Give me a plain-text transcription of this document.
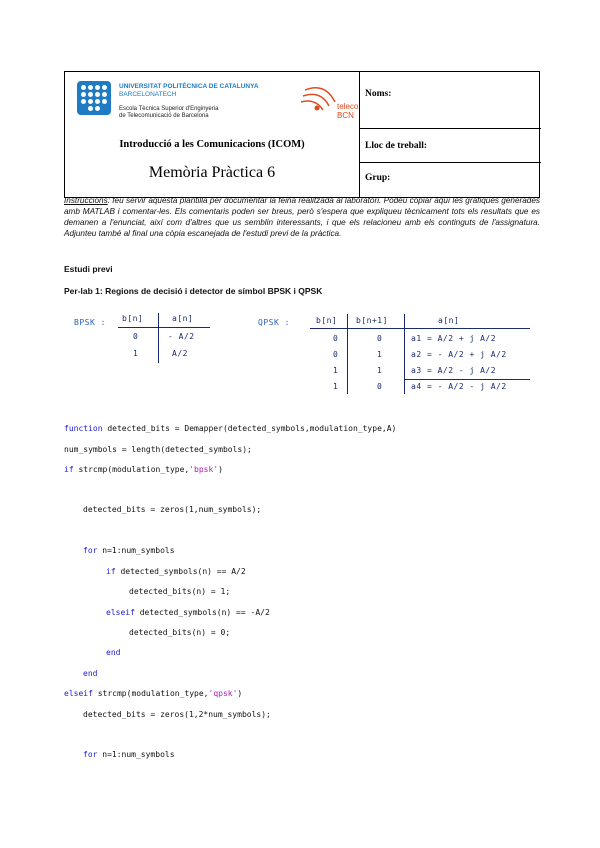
UNIVERSITAT POLITÈCNICA DE CATALUNYA
BARCELONATECH
Escola Tècnica Superior d'Enginyeria
de Telecomunicació de Barcelona
teleco BCN
Introducció a les Comunicacions (ICOM)
Memòria Pràctica 6
Noms:
Lloc de treball:
Grup:
Instruccions: feu servir aquesta plantilla per documentar la feina realitzada al laboratori. Podeu copiar aquí les gràfiques generades amb MATLAB i comentar-les. Els comentaris poden ser breus, però s'espera que expliqueu tècnicament tots els resultats que es demanen a l'enunciat, així com d'altres que us semblin interessants, i que els relacioneu amb els continguts de l'assignatura. Adjunteu també al final una còpia escanejada de l'estudi previ de la pràctica.
Estudi previ
Per-lab 1: Regions de decisió i detector de símbol BPSK i QPSK
BPSK : b[n]	a[n]
0	- A/2
1	A/2
QPSK :	b[n] b[n+1]	a[n]
0	0	a1 = A/2 + j A/2
0	1	a2 = - A/2 + j A/2
1	1	a3 = A/2 - j A/2
1	0	a4 = - A/2 - j A/2
function detected_bits = Demapper(detected_symbols,modulation_type,A)
num_symbols = length(detected_symbols);
if strcmp(modulation_type,'bpsk')
detected_bits = zeros(1,num_symbols);
for n=1:num_symbols
if detected_symbols(n) == A/2
detected_bits(n) = 1;
elseif detected_symbols(n) == -A/2
detected_bits(n) = 0;
end
end
elseif strcmp(modulation_type,'qpsk')
detected_bits = zeros(1,2*num_symbols);
for n=1:num_symbols
